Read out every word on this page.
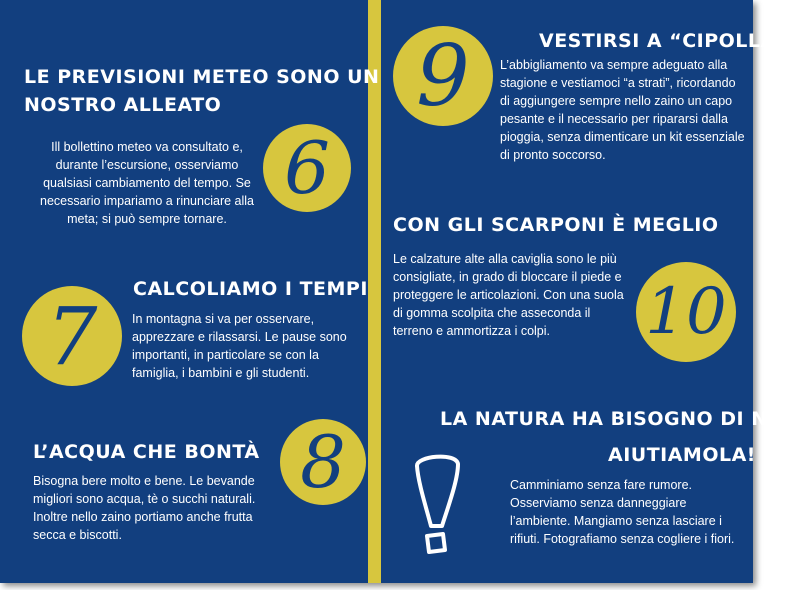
LE PREVISIONI METEO SONO UN
NOSTRO ALLEATO
Ill bollettino meteo va consultato e, durante l’escursione, osserviamo qualsiasi cambiamento del tempo. Se necessario impariamo a rinunciare alla meta; si può sempre tornare.
6
CALCOLIAMO I TEMPI
In montagna si va per osservare, apprezzare e rilassarsi. Le pause sono importanti, in particolare se con la famiglia, i bambini e gli studenti.
7
L’ACQUA CHE BONTÀ
Bisogna bere molto e bene. Le bevande migliori sono acqua, tè o succhi naturali. Inoltre nello zaino portiamo anche frutta secca e biscotti.
8
VESTIRSI A “CIPOLLA”
L’abbigliamento va sempre adeguato alla stagione e vestiamoci “a strati”, ricordando di aggiungere sempre nello zaino un capo pesante e il necessario per ripararsi dalla pioggia, senza dimenticare un kit essenziale di pronto soccorso.
9
CON GLI SCARPONI È MEGLIO
Le calzature alte alla caviglia sono le più consigliate, in grado di bloccare il piede e proteggere le articolazioni. Con una suola di gomma scolpita che asseconda il terreno e ammortizza i colpi.	10
LA NATURA HA BISOGNO DI NOI.
AIUTIAMOLA!
Camminiamo senza fare rumore. Osserviamo senza danneggiare l’ambiente. Mangiamo senza lasciare i rifiuti. Fotografiamo senza cogliere i fiori.
